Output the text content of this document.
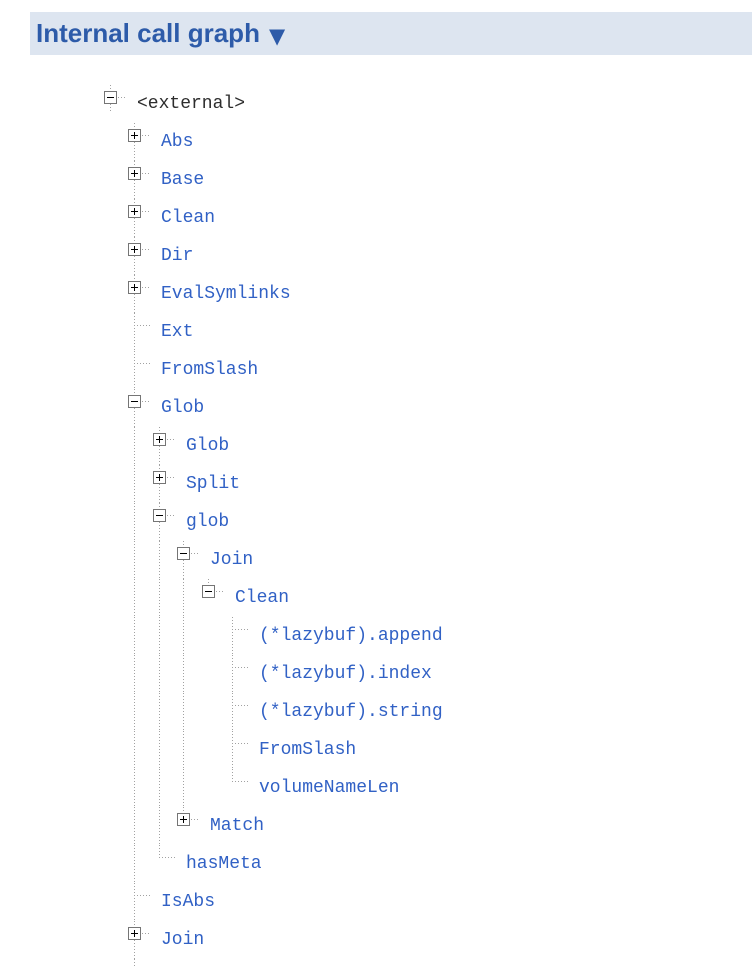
Internal call graph ▼
<external>
Abs
Base
Clean
Dir
EvalSymlinks
Ext
FromSlash
Glob
Glob
Split
glob
Join
Clean
(*lazybuf).append
(*lazybuf).index
(*lazybuf).string
FromSlash
volumeNameLen
Match
hasMeta
IsAbs
Join
